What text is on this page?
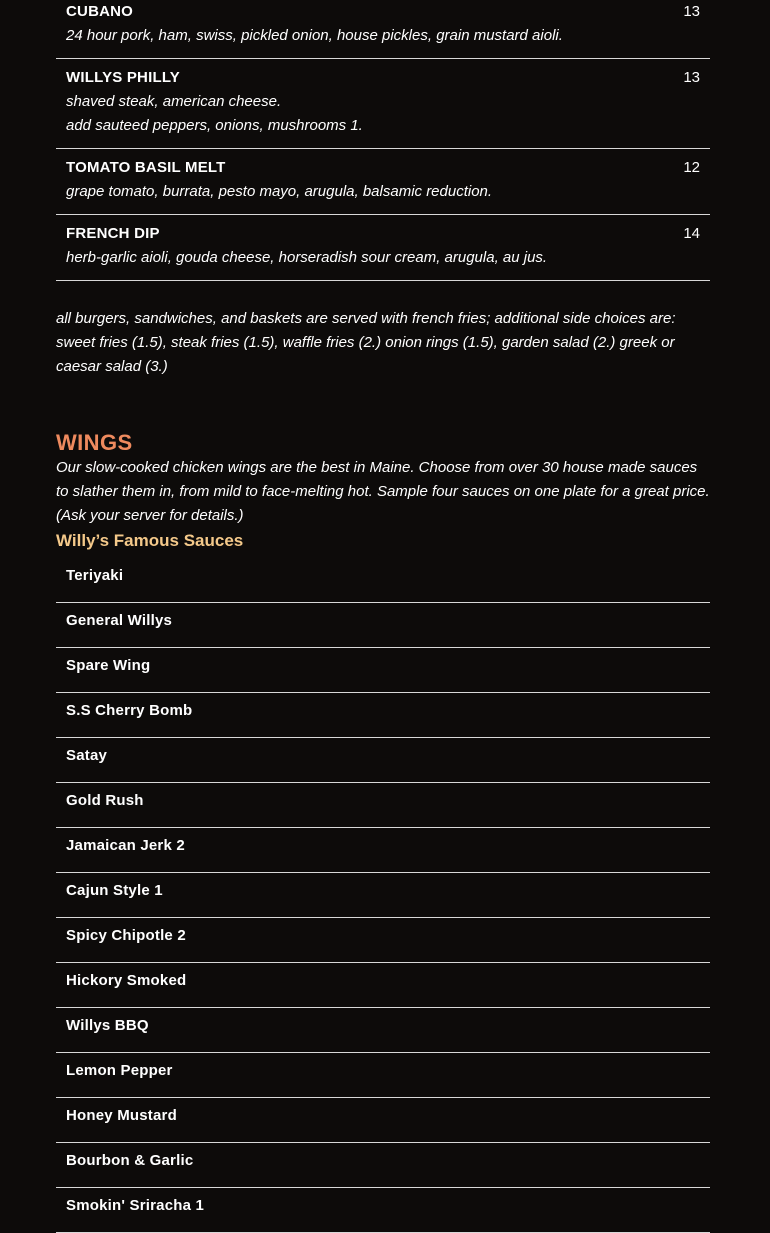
CUBANO	13
24 hour pork, ham, swiss, pickled onion, house pickles, grain mustard aioli.
WILLYS PHILLY	13
shaved steak, american cheese.
add sauteed peppers, onions, mushrooms 1.
TOMATO BASIL MELT	12
grape tomato, burrata, pesto mayo, arugula, balsamic reduction.
FRENCH DIP	14
herb-garlic aioli, gouda cheese, horseradish sour cream, arugula, au jus.
all burgers, sandwiches, and baskets are served with french fries; additional side choices are:
sweet fries (1.5), steak fries (1.5), waffle fries (2.) onion rings (1.5), garden salad (2.) greek or caesar salad (3.)
WINGS
Our slow-cooked chicken wings are the best in Maine. Choose from over 30 house made sauces to slather them in, from mild to face-melting hot. Sample four sauces on one plate for a great price. (Ask your server for details.)
Willy’s Famous Sauces
Teriyaki
General Willys
Spare Wing
S.S Cherry Bomb
Satay
Gold Rush
Jamaican Jerk 2
Cajun Style 1
Spicy Chipotle 2
Hickory Smoked
Willys BBQ
Lemon Pepper
Honey Mustard
Bourbon & Garlic
Smokin' Sriracha 1
